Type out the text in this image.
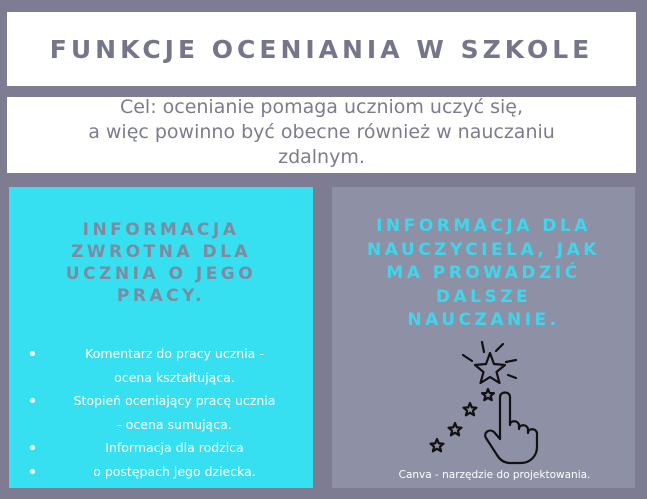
FUNKCJE OCENIANIA W SZKOLE
Cel: ocenianie pomaga uczniom uczyć się,
a więc powinno być obecne również w nauczaniu
zdalnym.
INFORMACJA
ZWROTNA DLA
UCZNIA O JEGO
PRACY.
Komentarz do pracy ucznia -
ocena kształtująca.
Stopień oceniający pracę ucznia
- ocena sumująca.
Informacja dla rodzica
o postępach jego dziecka.
INFORMACJA DLA
NAUCZYCIELA, JAK
MA PROWADZIĆ
DALSZE
NAUCZANIE.
Canva - narzędzie do projektowania.
